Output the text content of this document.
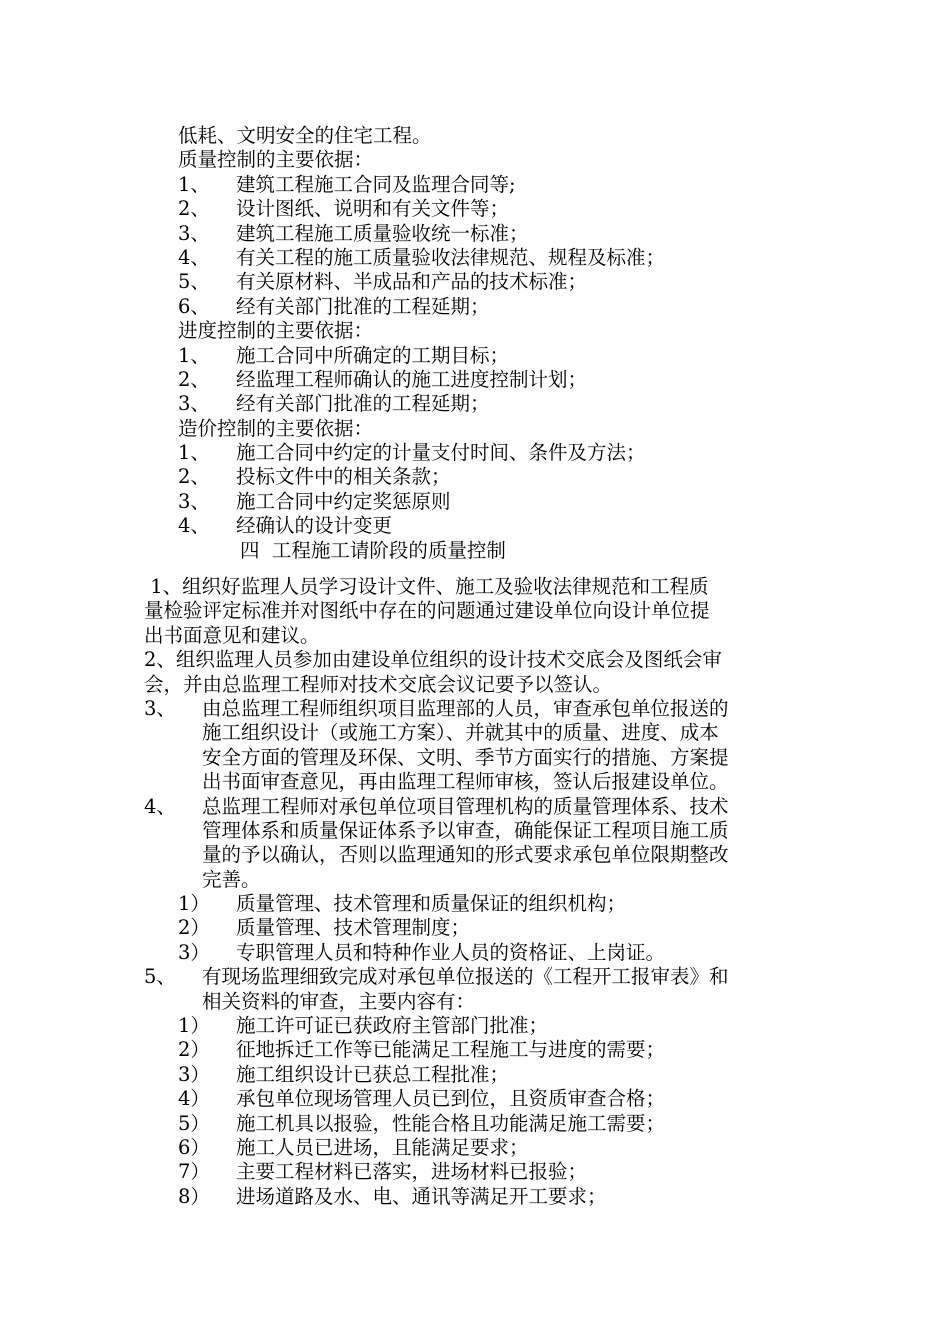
低耗、文明安全的住宅工程。
质量控制的主要依据：
1、 建筑工程施工合同及监理合同等;
2、 设计图纸、说明和有关文件等；
3、 建筑工程施工质量验收统一标准；
4、 有关工程的施工质量验收法律规范、规程及标准；
5、 有关原材料、半成品和产品的技术标准；
6、 经有关部门批准的工程延期；
进度控制的主要依据：
1、 施工合同中所确定的工期目标；
2、 经监理工程师确认的施工进度控制计划；
3、 经有关部门批准的工程延期；
造价控制的主要依据：
1、 施工合同中约定的计量支付时间、条件及方法；
2、 投标文件中的相关条款；
3、 施工合同中约定奖惩原则
4、 经确认的设计变更
四  工程施工请阶段的质量控制
1、组织好监理人员学习设计文件、施工及验收法律规范和工程质
量检验评定标准并对图纸中存在的问题通过建设单位向设计单位提
出书面意见和建议。
2、组织监理人员参加由建设单位组织的设计技术交底会及图纸会审
会，并由总监理工程师对技术交底会议记要予以签认。
3、 由总监理工程师组织项目监理部的人员，审查承包单位报送的
施工组织设计（或施工方案）、并就其中的质量、进度、成本
安全方面的管理及环保、文明、季节方面实行的措施、方案提
出书面审查意见，再由监理工程师审核，签认后报建设单位。
4、 总监理工程师对承包单位项目管理机构的质量管理体系、技术
管理体系和质量保证体系予以审查，确能保证工程项目施工质
量的予以确认，否则以监理通知的形式要求承包单位限期整改
完善。
1） 质量管理、技术管理和质量保证的组织机构；
2） 质量管理、技术管理制度；
3） 专职管理人员和特种作业人员的资格证、上岗证。
5、 有现场监理细致完成对承包单位报送的《工程开工报审表》和
相关资料的审查，主要内容有：
1） 施工许可证已获政府主管部门批准；
2） 征地拆迁工作等已能满足工程施工与进度的需要；
3） 施工组织设计已获总工程批准；
4） 承包单位现场管理人员已到位，且资质审查合格；
5） 施工机具以报验，性能合格且功能满足施工需要；
6） 施工人员已进场，且能满足要求；
7） 主要工程材料已落实，进场材料已报验；
8） 进场道路及水、电、通讯等满足开工要求；
